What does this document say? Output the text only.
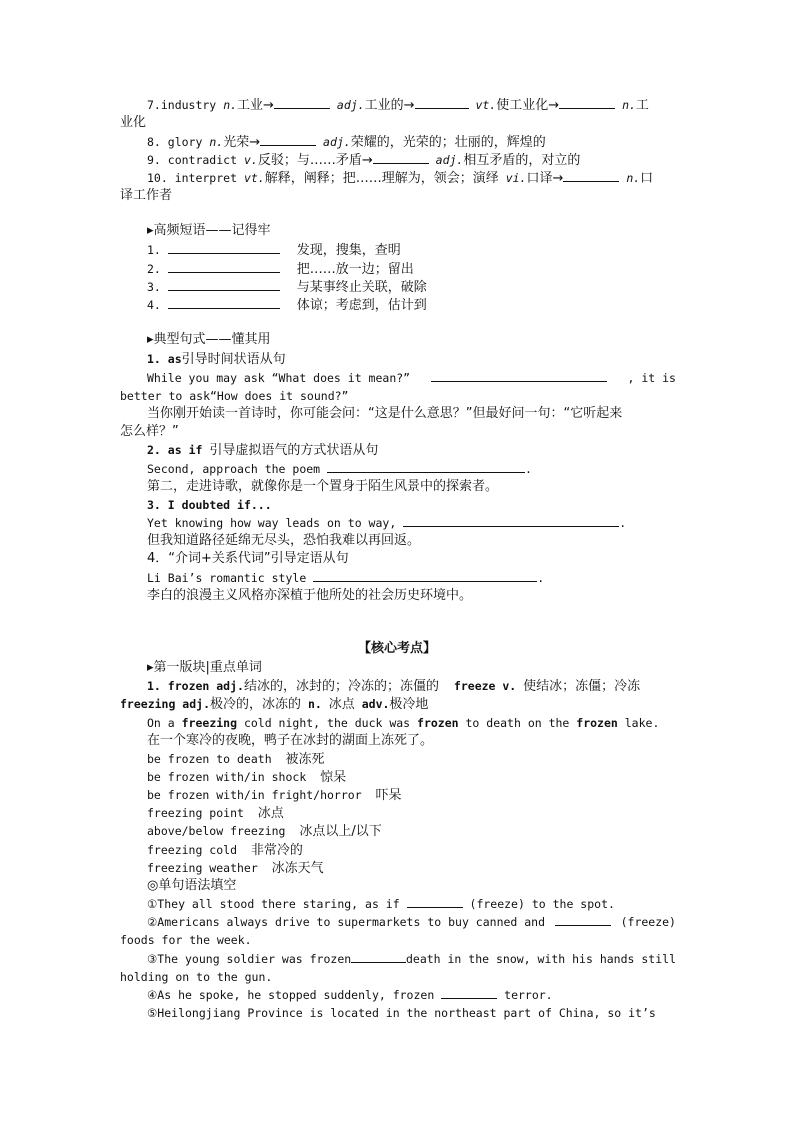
7.industry n.工业→	adj.工业的→	vt.使工业化→	n.工
业化
8. glory n.光荣→	adj.荣耀的，光荣的；壮丽的，辉煌的
9. contradict v.反驳；与……矛盾→	adj.相互矛盾的，对立的
10. interpret vt.解释，阐释；把……理解为，领会；演绎 vi.口译→	n.口
译工作者
▸高频短语——记得牢
1.	发现，搜集，查明
2.	把……放一边；留出
3.	与某事终止关联，破除
4.	体谅；考虑到，估计到
▸典型句式——懂其用
1. as引导时间状语从句
While you may ask “What does it mean?”	, it is
better to ask“How does it sound?”
当你刚开始读一首诗时，你可能会问：“这是什么意思？”但最好问一句：“它听起来
怎么样？”
2. as if 引导虚拟语气的方式状语从句
Second, approach the poem	.
第二，走进诗歌，就像你是一个置身于陌生风景中的探索者。
3. I doubted if...
Yet knowing how way leads on to way,	.
但我知道路径延绵无尽头，恐怕我难以再回返。
4．“介词+关系代词”引导定语从句
Li Bai’s romantic style	.
李白的浪漫主义风格亦深植于他所处的社会历史环境中。
【核心考点】
▸第一版块|重点单词
1. frozen adj.结冰的，冰封的；冷冻的；冻僵的 freeze v. 使结冰；冻僵；冷冻
freezing adj.极冷的，冰冻的 n. 冰点 adv.极冷地
On a freezing cold night, the duck was frozen to death on the frozen lake.
在一个寒冷的夜晚，鸭子在冰封的湖面上冻死了。
be frozen to death 被冻死
be frozen with/in shock 惊呆
be frozen with/in fright/horror 吓呆
freezing point 冰点
above/below freezing 冰点以上/以下
freezing cold 非常冷的
freezing weather 冰冻天气
◎单句语法填空
①They all stood there staring, as if	(freeze) to the spot.
②Americans always drive to supermarkets to buy canned and	(freeze)
foods for the week.
③The young soldier was frozen	death in the snow, with his hands still
holding on to the gun.
④As he spoke, he stopped suddenly, frozen	terror.
⑤Heilongjiang Province is located in the northeast part of China, so it’s
